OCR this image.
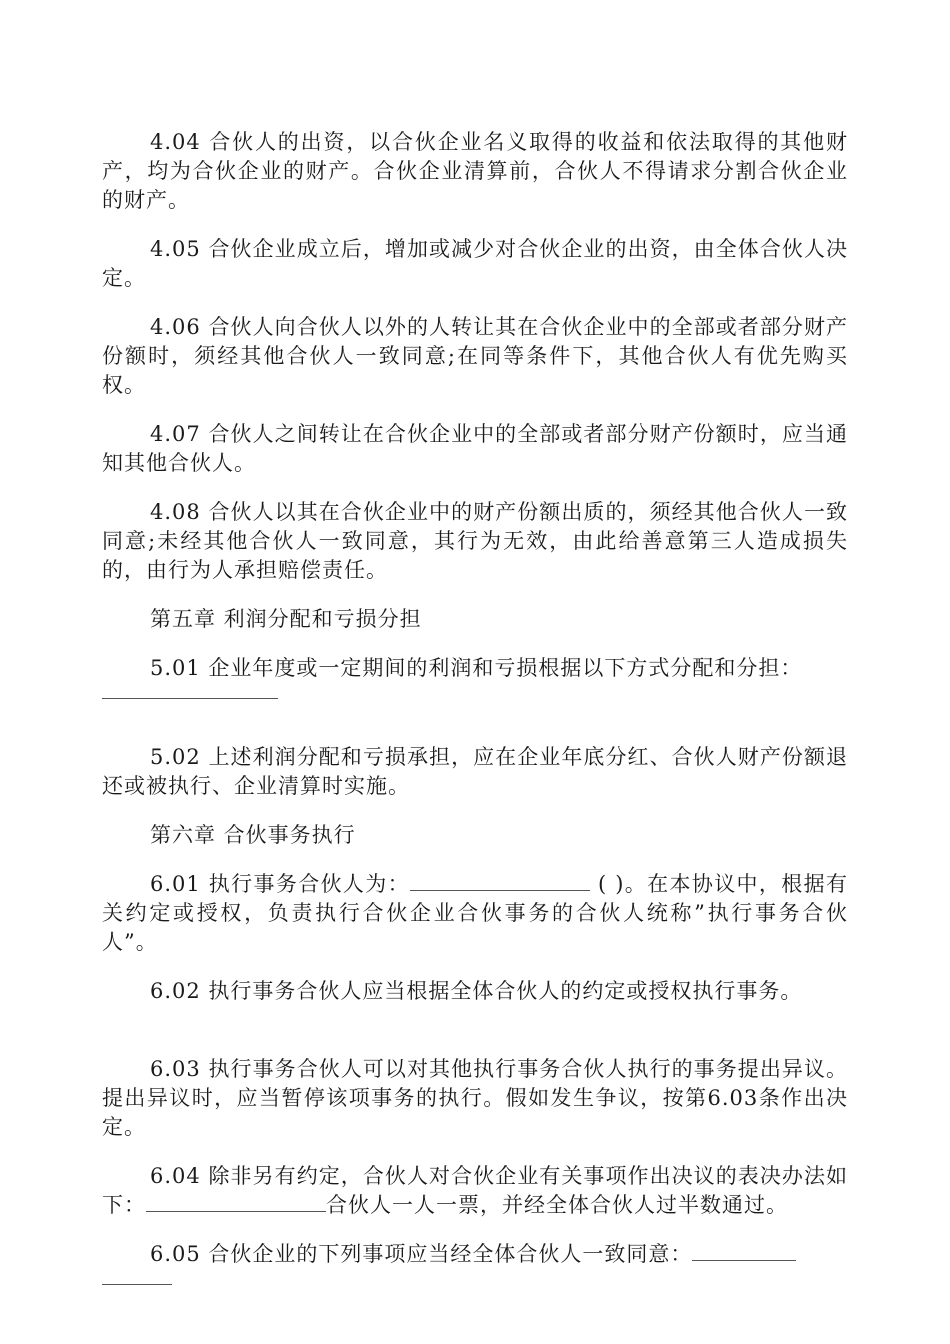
4.04 合伙人的出资，以合伙企业名义取得的收益和依法取得的其他财产，均为合伙企业的财产。合伙企业清算前，合伙人不得请求分割合伙企业的财产。

4.05 合伙企业成立后，增加或减少对合伙企业的出资，由全体合伙人决定。

4.06 合伙人向合伙人以外的人转让其在合伙企业中的全部或者部分财产份额时，须经其他合伙人一致同意;在同等条件下，其他合伙人有优先购买权。

4.07 合伙人之间转让在合伙企业中的全部或者部分财产份额时，应当通知其他合伙人。

4.08 合伙人以其在合伙企业中的财产份额出质的，须经其他合伙人一致同意;未经其他合伙人一致同意，其行为无效，由此给善意第三人造成损失的，由行为人承担赔偿责任。

第五章 利润分配和亏损分担

5.01 企业年度或一定期间的利润和亏损根据以下方式分配和分担：

5.02 上述利润分配和亏损承担，应在企业年底分红、合伙人财产份额退还或被执行、企业清算时实施。

第六章 合伙事务执行

6.01 执行事务合伙人为：	( )。在本协议中，根据有关约定或授权，负责执行合伙企业合伙事务的合伙人统称”执行事务合伙人”。

6.02 执行事务合伙人应当根据全体合伙人的约定或授权执行事务。

6.03 执行事务合伙人可以对其他执行事务合伙人执行的事务提出异议。提出异议时，应当暂停该项事务的执行。假如发生争议，按第6.03条作出决定。

6.04 除非另有约定，合伙人对合伙企业有关事项作出决议的表决办法如下：	合伙人一人一票，并经全体合伙人过半数通过。

6.05 合伙企业的下列事项应当经全体合伙人一致同意：
